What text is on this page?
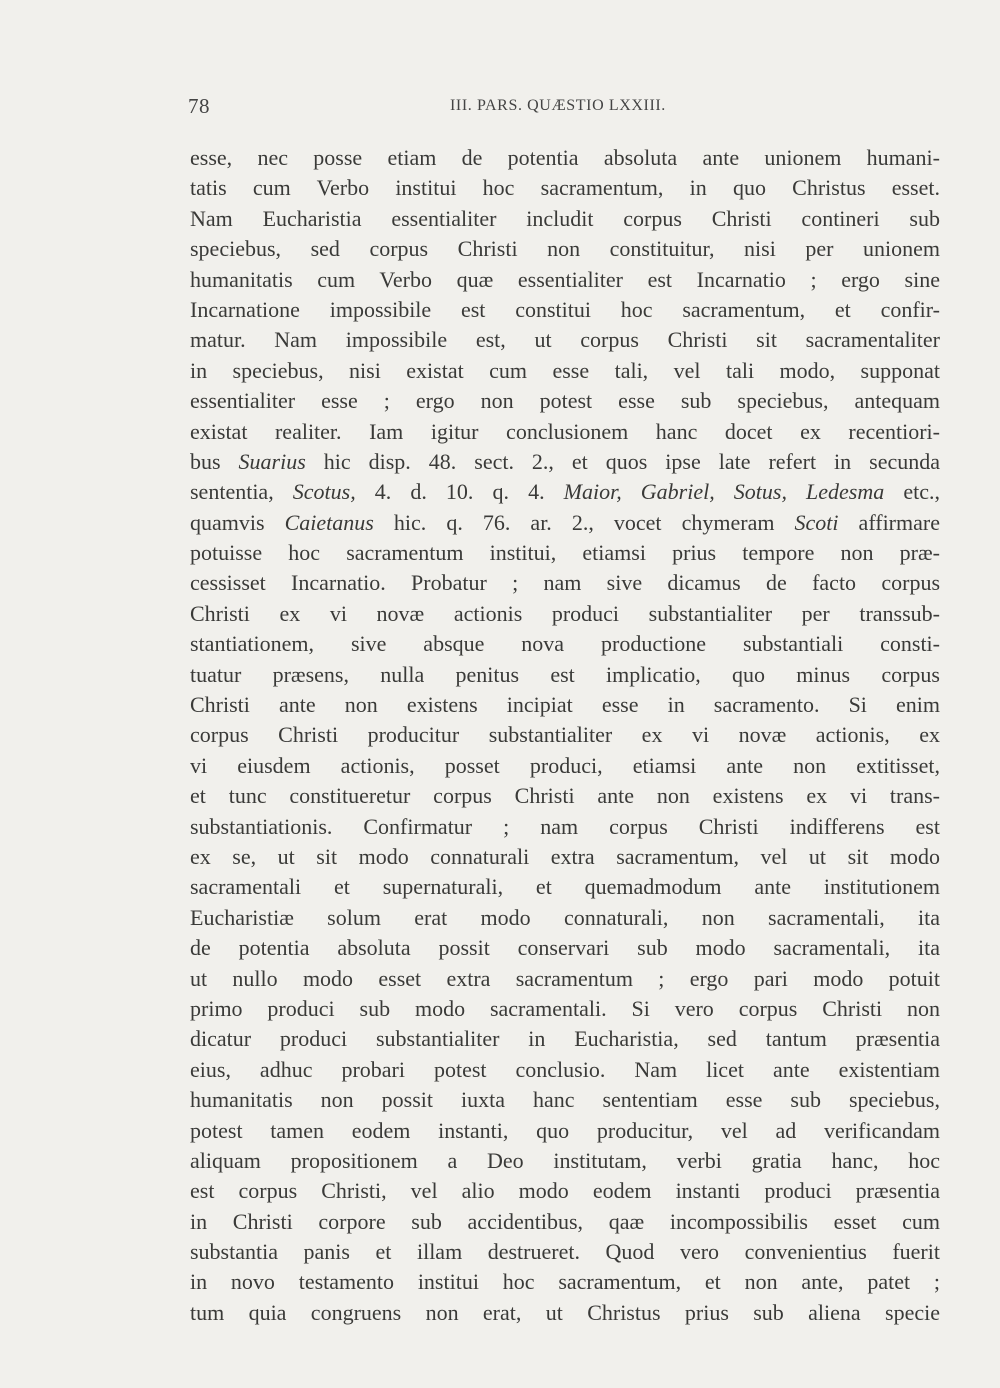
78	III. PARS. QUÆSTIO LXXIII.
esse, nec posse etiam de potentia absoluta ante unionem humani-
tatis cum Verbo institui hoc sacramentum, in quo Christus esset.
Nam Eucharistia essentialiter includit corpus Christi contineri sub
speciebus, sed corpus Christi non constituitur, nisi per unionem
humanitatis cum Verbo quæ essentialiter est Incarnatio ; ergo sine
Incarnatione impossibile est constitui hoc sacramentum, et confir-
matur. Nam impossibile est, ut corpus Christi sit sacramentaliter
in speciebus, nisi existat cum esse tali, vel tali modo, supponat
essentialiter esse ; ergo non potest esse sub speciebus, antequam
existat realiter. Iam igitur conclusionem hanc docet ex recentiori-
bus Suarius hic disp. 48. sect. 2., et quos ipse late refert in secunda
sententia, Scotus, 4. d. 10. q. 4. Maior, Gabriel, Sotus, Ledesma etc.,
quamvis Caietanus hic. q. 76. ar. 2., vocet chymeram Scoti affirmare
potuisse hoc sacramentum institui, etiamsi prius tempore non præ-
cessisset Incarnatio. Probatur ; nam sive dicamus de facto corpus
Christi ex vi novæ actionis produci substantialiter per transsub-
stantiationem, sive absque nova productione substantiali consti-
tuatur præsens, nulla penitus est implicatio, quo minus corpus
Christi ante non existens incipiat esse in sacramento. Si enim
corpus Christi producitur substantialiter ex vi novæ actionis, ex
vi eiusdem actionis, posset produci, etiamsi ante non extitisset,
et tunc constitueretur corpus Christi ante non existens ex vi trans-
substantiationis. Confirmatur ; nam corpus Christi indifferens est
ex se, ut sit modo connaturali extra sacramentum, vel ut sit modo
sacramentali et supernaturali, et quemadmodum ante institutionem
Eucharistiæ solum erat modo connaturali, non sacramentali, ita
de potentia absoluta possit conservari sub modo sacramentali, ita
ut nullo modo esset extra sacramentum ; ergo pari modo potuit
primo produci sub modo sacramentali. Si vero corpus Christi non
dicatur produci substantialiter in Eucharistia, sed tantum præsentia
eius, adhuc probari potest conclusio. Nam licet ante existentiam
humanitatis non possit iuxta hanc sententiam esse sub speciebus,
potest tamen eodem instanti, quo producitur, vel ad verificandam
aliquam propositionem a Deo institutam, verbi gratia hanc, hoc
est corpus Christi, vel alio modo eodem instanti produci præsentia
in Christi corpore sub accidentibus, qaæ incompossibilis esset cum
substantia panis et illam destrueret. Quod vero convenientius fuerit
in novo testamento institui hoc sacramentum, et non ante, patet ;
tum quia congruens non erat, ut Christus prius sub aliena specie
